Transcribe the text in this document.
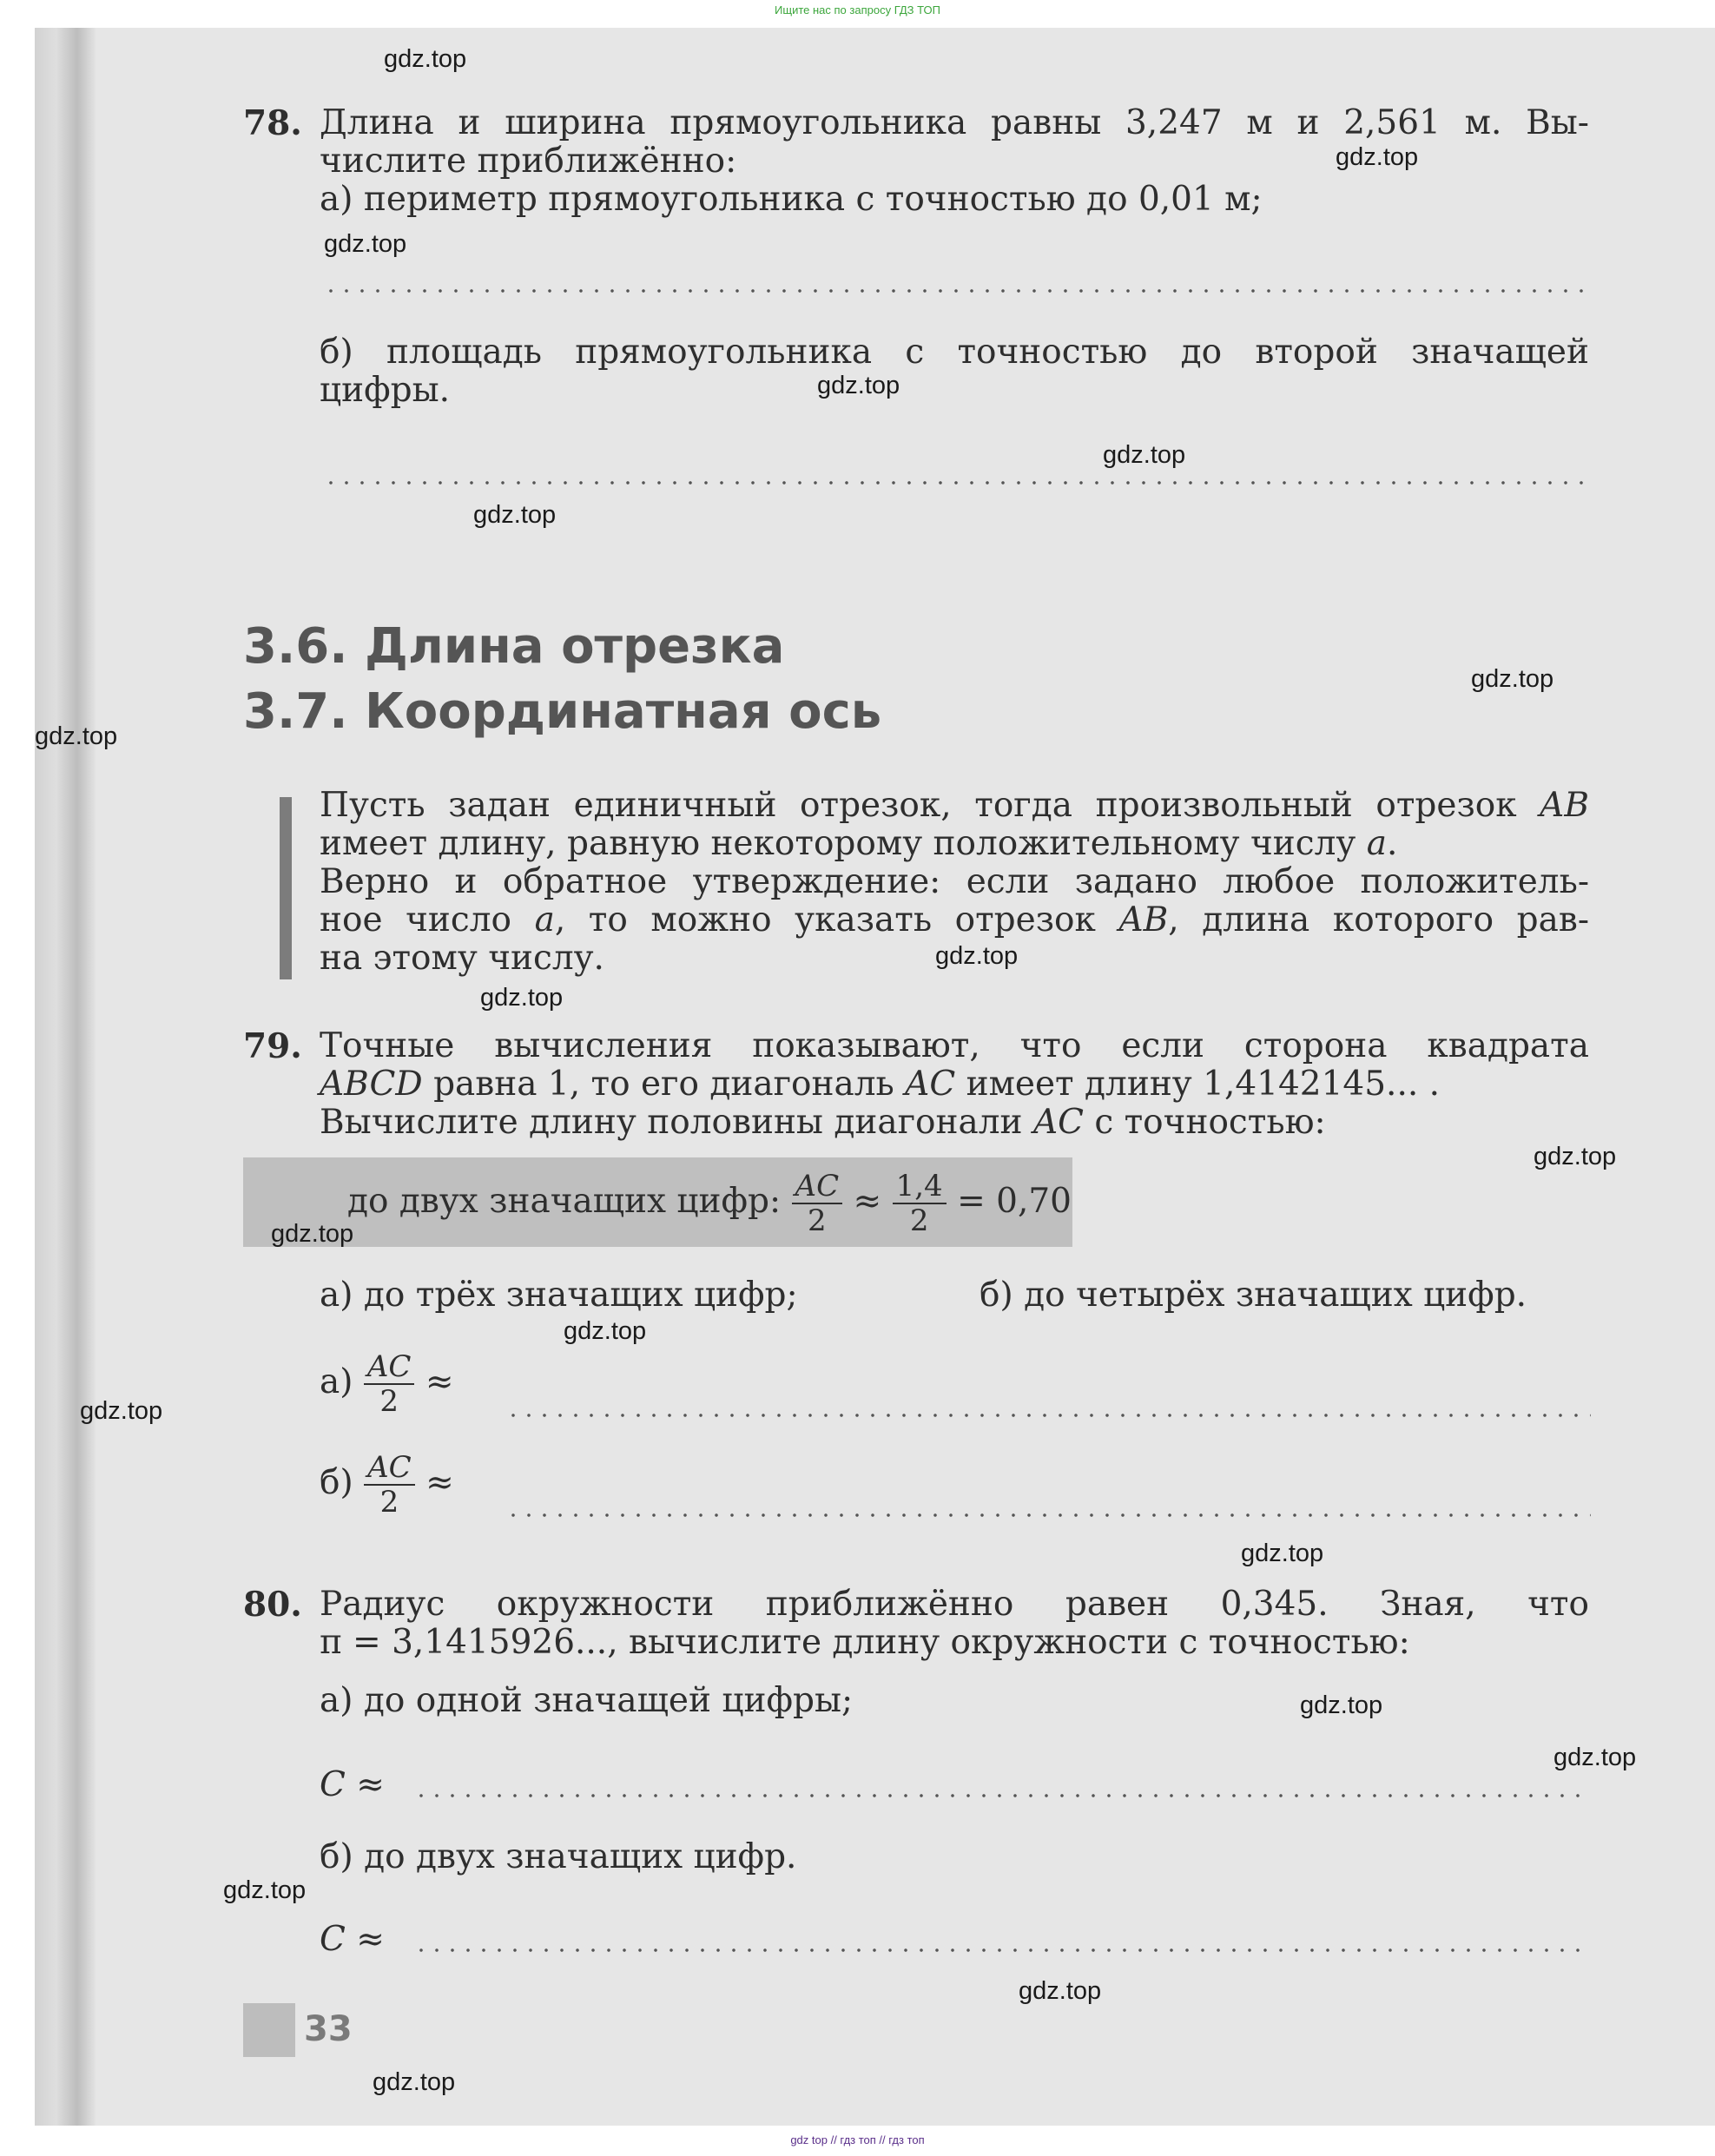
Ищите нас по запросу ГДЗ ТОП
78. Длина и ширина прямоугольника равны 3,247 м и 2,561 м. Вы-
числите приближённо:
а) периметр прямоугольника с точностью до 0,01 м;
б) площадь прямоугольника с точностью до второй значащей
цифры.
3.6. Длина отрезка
3.7. Координатная ось
Пусть задан единичный отрезок, тогда произвольный отрезок AB
имеет длину, равную некоторому положительному числу a.
Верно и обратное утверждение: если задано любое положитель-
ное число a, то можно указать отрезок AB, длина которого рав-
на этому числу.
79. Точные вычисления показывают, что если сторона квадрата
ABCD равна 1, то его диагональ AC имеет длину 1,4142145... .
Вычислите длину половины диагонали AC с точностью:
до двух значащих цифр: $\frac{AC}{2} \approx \frac{1,4}{2} = 0,70$
а) до трёх значащих цифр;	б) до четырёх значащих цифр.
$а) \frac{AC}{2}$ ≈
$б) \frac{AC}{2}$ ≈
80. Радиус окружности приближённо равен 0,345. Зная, что
π = 3,1415926..., вычислите длину окружности с точностью:
а) до одной значащей цифры;
C ≈
б) до двух значащих цифр.
C ≈
33
gdz.top
gdz.top
gdz.top
gdz.top
gdz.top
gdz.top
gdz.top
gdz.top
gdz.top
gdz.top
gdz.top
gdz.top
gdz.top
gdz.top
gdz.top
gdz.top
gdz.top
gdz.top
gdz.top
gdz.top
gdz top // гдз топ // гдз топ
